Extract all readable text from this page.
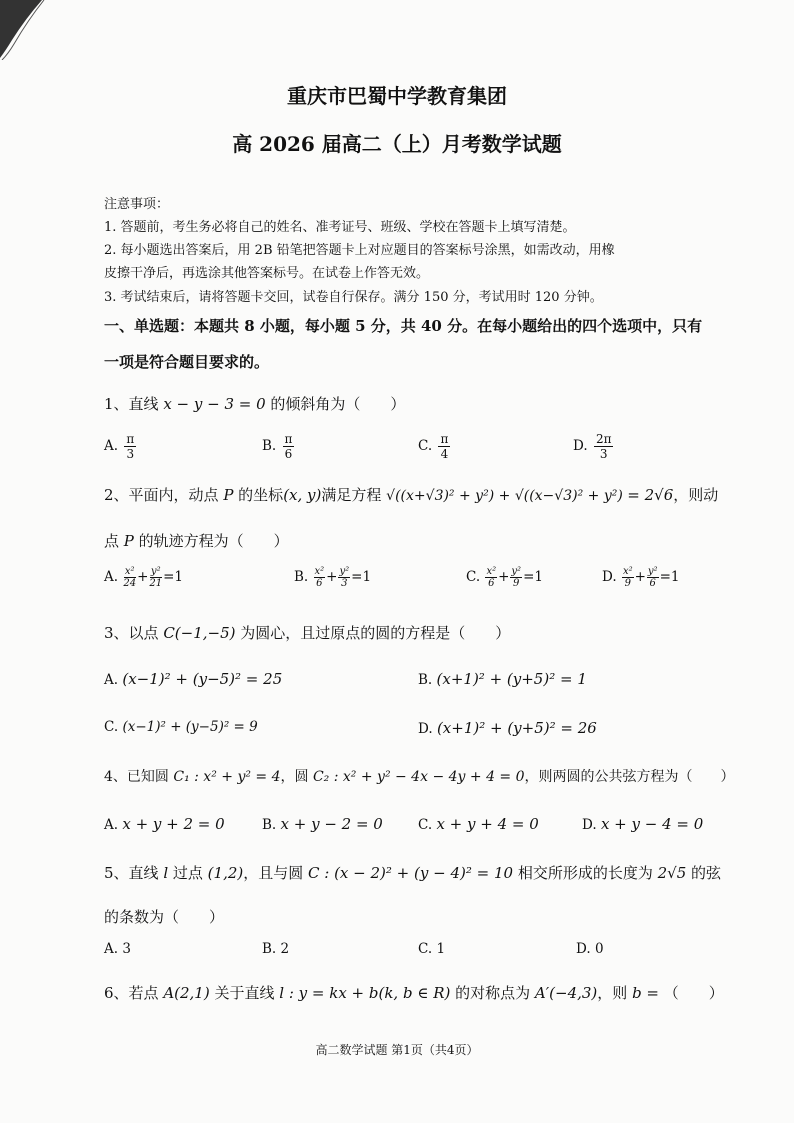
重庆市巴蜀中学教育集团
高 2026 届高二（上）月考数学试题
注意事项：
1. 答题前，考生务必将自己的姓名、准考证号、班级、学校在答题卡上填写清楚。
2. 每小题选出答案后，用 2B 铅笔把答题卡上对应题目的答案标号涂黑，如需改动，用橡
皮擦干净后，再选涂其他答案标号。在试卷上作答无效。
3. 考试结束后，请将答题卡交回，试卷自行保存。满分 150 分，考试用时 120 分钟。
一、单选题：本题共 8 小题，每小题 5 分，共 40 分。在每小题给出的四个选项中，只有
一项是符合题目要求的。
1、直线 x − y − 3 = 0 的倾斜角为（　　）
A. $\frac{\pi}{3}$	B. $\frac{\pi}{6}$	C. $\frac{\pi}{4}$	D. $\frac{2\pi}{3}$
2、平面内，动点 P 的坐标(x, y)满足方程 √((x+√3)² + y²) + √((x−√3)² + y²) = 2√6，则动
点 P 的轨迹方程为（　　）
A. $\frac{\text{x²}}{24} + \frac{\text{y²}}{21} =1$	B. $\frac{\text{x²}}{6} + \frac{\text{y²}}{3} =1$	C. $\frac{\text{x²}}{6} + \frac{\text{y²}}{9} =1$	D. $\frac{\text{x²}}{9} + \frac{\text{y²}}{6} =1$
3、以点 C(−1,−5) 为圆心，且过原点的圆的方程是（　　）
A. (x−1)² + (y−5)² = 25	B. (x+1)² + (y+5)² = 1
C. (x−1)² + (y−5)² = 9	D. (x+1)² + (y+5)² = 26
4、已知圆 C₁ : x² + y² = 4，圆 C₂ : x² + y² − 4x − 4y + 4 = 0，则两圆的公共弦方程为（　　）
A. x + y + 2 = 0	B. x + y − 2 = 0	C. x + y + 4 = 0	D. x + y − 4 = 0
5、直线 l 过点 (1,2)，且与圆 C : (x − 2)² + (y − 4)² = 10 相交所形成的长度为 2√5 的弦
的条数为（　　）
A. 3	B. 2	C. 1	D. 0
6、若点 A(2,1) 关于直线 l : y = kx + b(k, b ∈ R) 的对称点为 A′(−4,3)，则 b = （　　）
高二数学试题 第1页（共4页）
